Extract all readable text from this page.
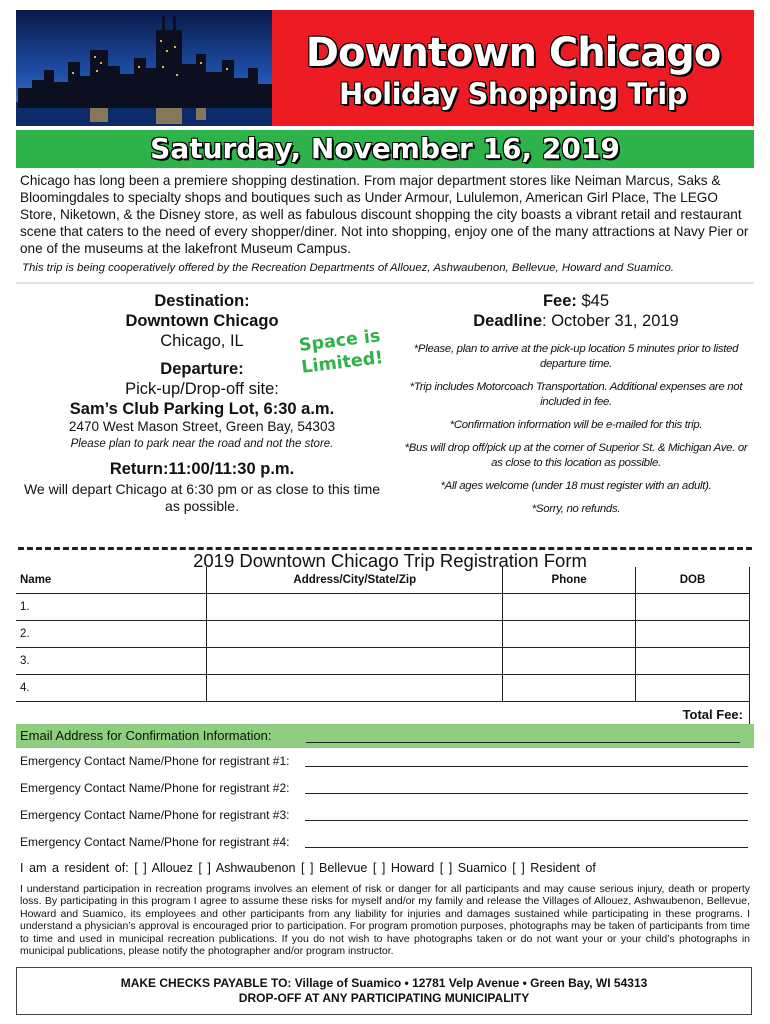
Downtown Chicago
Holiday Shopping Trip
Saturday, November 16, 2019
Chicago has long been a premiere shopping destination. From major department stores like Neiman Marcus, Saks & Bloomingdales to specialty shops and boutiques such as Under Armour, Lululemon, American Girl Place, The LEGO Store, Niketown, & the Disney store, as well as fabulous discount shopping the city boasts a vibrant retail and restaurant scene that caters to the need of every shopper/diner. Not into shopping, enjoy one of the many attractions at Navy Pier or one of the museums at the lakefront Museum Campus.
This trip is being cooperatively offered by the Recreation Departments of Allouez, Ashwaubenon, Bellevue, Howard and Suamico.
Destination:
Downtown Chicago
Chicago, IL
Departure:
Pick-up/Drop-off site:
Sam’s Club Parking Lot, 6:30 a.m.
2470 West Mason Street, Green Bay, 54303
Please plan to park near the road and not the store.
Return:11:00/11:30 p.m.
We will depart Chicago at 6:30 pm or as close to this time as possible.
Space is Limited!
Fee: $45
Deadline: October 31, 2019
*Please, plan to arrive at the pick-up location 5 minutes prior to listed departure time.
*Trip includes Motorcoach Transportation. Additional expenses are not included in fee.
*Confirmation information will be e-mailed for this trip.
*Bus will drop off/pick up at the corner of Superior St. & Michigan Ave. or as close to this location as possible.
*All ages welcome (under 18 must register with an adult).
*Sorry, no refunds.
2019 Downtown Chicago Trip Registration Form
Name	Address/City/State/Zip	Phone	DOB
1.			
2.			
3.			
4.			
Total Fee:			
Email Address for Confirmation Information:
Emergency Contact Name/Phone for registrant #1:
Emergency Contact Name/Phone for registrant #2:
Emergency Contact Name/Phone for registrant #3:
Emergency Contact Name/Phone for registrant #4:
I am a resident of: [ ] Allouez [ ] Ashwaubenon [ ] Bellevue [ ] Howard [ ] Suamico [ ] Resident of
I understand participation in recreation programs involves an element of risk or danger for all participants and may cause serious injury, death or property loss. By participating in this program I agree to assume these risks for myself and/or my family and release the Villages of Allouez, Ashwaubenon, Bellevue, Howard and Suamico, its employees and other participants from any liability for injuries and damages sustained while participating in these programs. I understand a physician’s approval is encouraged prior to participation. For program promotion purposes, photographs may be taken of participants from time to time and used in municipal recreation publications. If you do not wish to have photographs taken or do not want your or your child’s photographs in municipal publications, please notify the photographer and/or program instructor.
MAKE CHECKS PAYABLE TO: Village of Suamico • 12781 Velp Avenue • Green Bay, WI 54313
DROP-OFF AT ANY PARTICIPATING MUNICIPALITY
